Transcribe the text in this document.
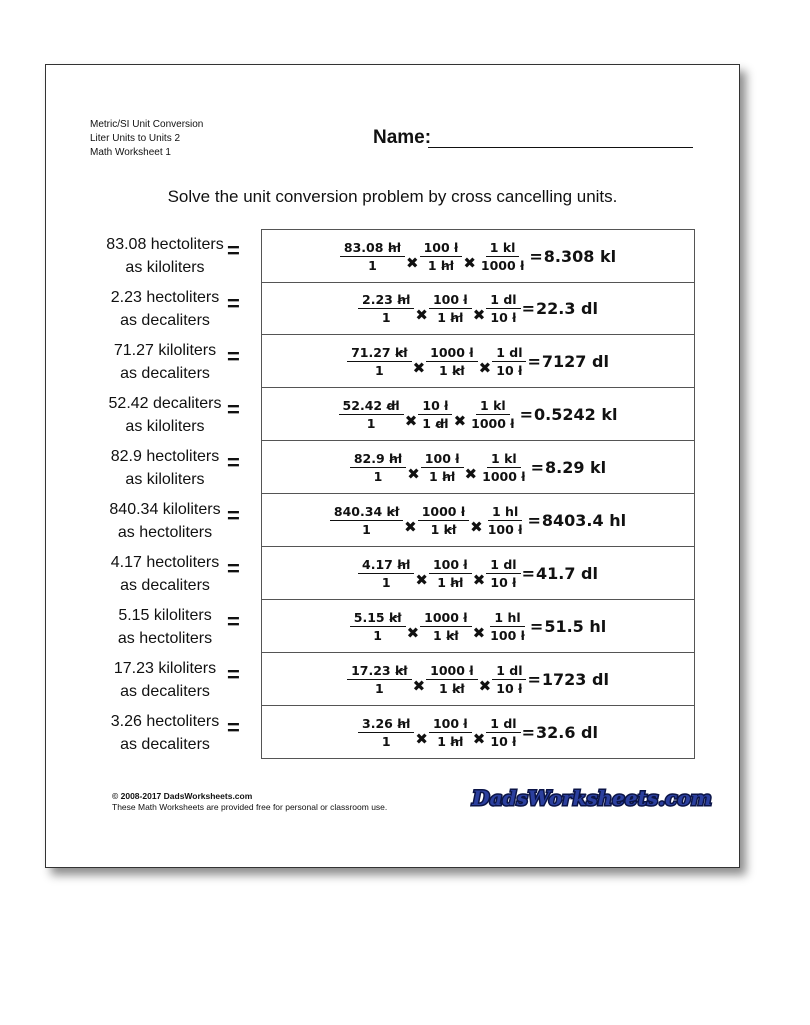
Metric/SI Unit Conversion
Liter Units to Units 2
Math Worksheet 1
Name:
Solve the unit conversion problem by cross cancelling units.
83.08 hectoliters
as kiloliters
=	$\frac{83.08 hl}{1}$ ✖ $\frac{100 l}{1 hl}$ ✖ $\frac{1 kl}{1000 l} = 8.308$ kl
2.23 hectoliters
as decaliters
=	$\frac{2.23 hl}{1}$ ✖ $\frac{100 l}{1 hl}$ ✖ $\frac{1 dl}{10 l} = 22.3$ dl
71.27 kiloliters
as decaliters
=	$\frac{71.27 kl}{1}$ ✖ $\frac{1000 l}{1 kl}$ ✖ $\frac{1 dl}{10 l} = 7127$ dl
52.42 decaliters
as kiloliters
=	$\frac{52.42 dl}{1}$ ✖ $\frac{10 l}{1 dl}$ ✖ $\frac{1 kl}{1000 l} = 0.5242$ kl
82.9 hectoliters
as kiloliters
=	$\frac{82.9 hl}{1}$ ✖ $\frac{100 l}{1 hl}$ ✖ $\frac{1 kl}{1000 l} = 8.29$ kl
840.34 kiloliters
as hectoliters
=	$\frac{840.34 kl}{1}$ ✖ $\frac{1000 l}{1 kl}$ ✖ $\frac{1 hl}{100 l} = 8403.4$ hl
4.17 hectoliters
as decaliters
=	$\frac{4.17 hl}{1}$ ✖ $\frac{100 l}{1 hl}$ ✖ $\frac{1 dl}{10 l} = 41.7$ dl
5.15 kiloliters
as hectoliters
=	$\frac{5.15 kl}{1}$ ✖ $\frac{1000 l}{1 kl}$ ✖ $\frac{1 hl}{100 l} = 51.5$ hl
17.23 kiloliters
as decaliters
=	$\frac{17.23 kl}{1}$ ✖ $\frac{1000 l}{1 kl}$ ✖ $\frac{1 dl}{10 l} = 1723$ dl
3.26 hectoliters
as decaliters
=	$\frac{3.26 hl}{1}$ ✖ $\frac{100 l}{1 hl}$ ✖ $\frac{1 dl}{10 l} = 32.6$ dl
© 2008-2017 DadsWorksheets.com
These Math Worksheets are provided free for personal or classroom use.	DadsWorksheets.com
